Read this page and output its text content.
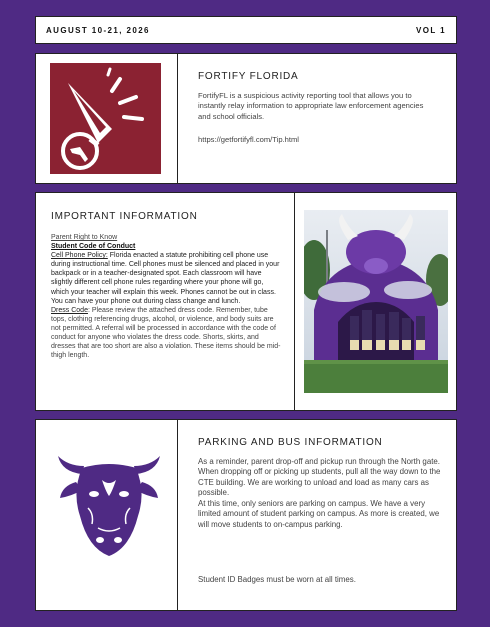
AUGUST 10-21, 2026	VOL 1
FORTIFY FLORIDA
FortifyFL is a suspicious activity reporting tool that allows you to instantly relay information to appropriate law enforcement agencies and school officials.
https://getfortifyfl.com/Tip.html
IMPORTANT INFORMATION
Parent Right to Know
Student Code of Conduct
Cell Phone Policy: Florida enacted a statute prohibiting cell phone use during instructional time. Cell phones must be silenced and placed in your backpack or in a teacher-designated spot. Each classroom will have slightly different cell phone rules regarding where your phone will go, which your teacher will explain this week. Phones cannot be out in class. You can have your phone out during class change and lunch.
Dress Code: Please review the attached dress code. Remember, tube tops, clothing referencing drugs, alcohol, or violence, and body suits are not permitted. A referral will be processed in accordance with the code of conduct for anyone who violates the dress code. Shorts, skirts, and dresses that are too short are also a violation. These items should be mid-thigh length.
PARKING AND BUS INFORMATION
As a reminder, parent drop-off and pickup run through the North gate. When dropping off or picking up students, pull all the way down to the CTE building. We are working to unload and load as many cars as possible.
At this time, only seniors are parking on campus. We have a very limited amount of student parking on campus. As more is created, we will move students to on-campus parking.
Student ID Badges must be worn at all times.
